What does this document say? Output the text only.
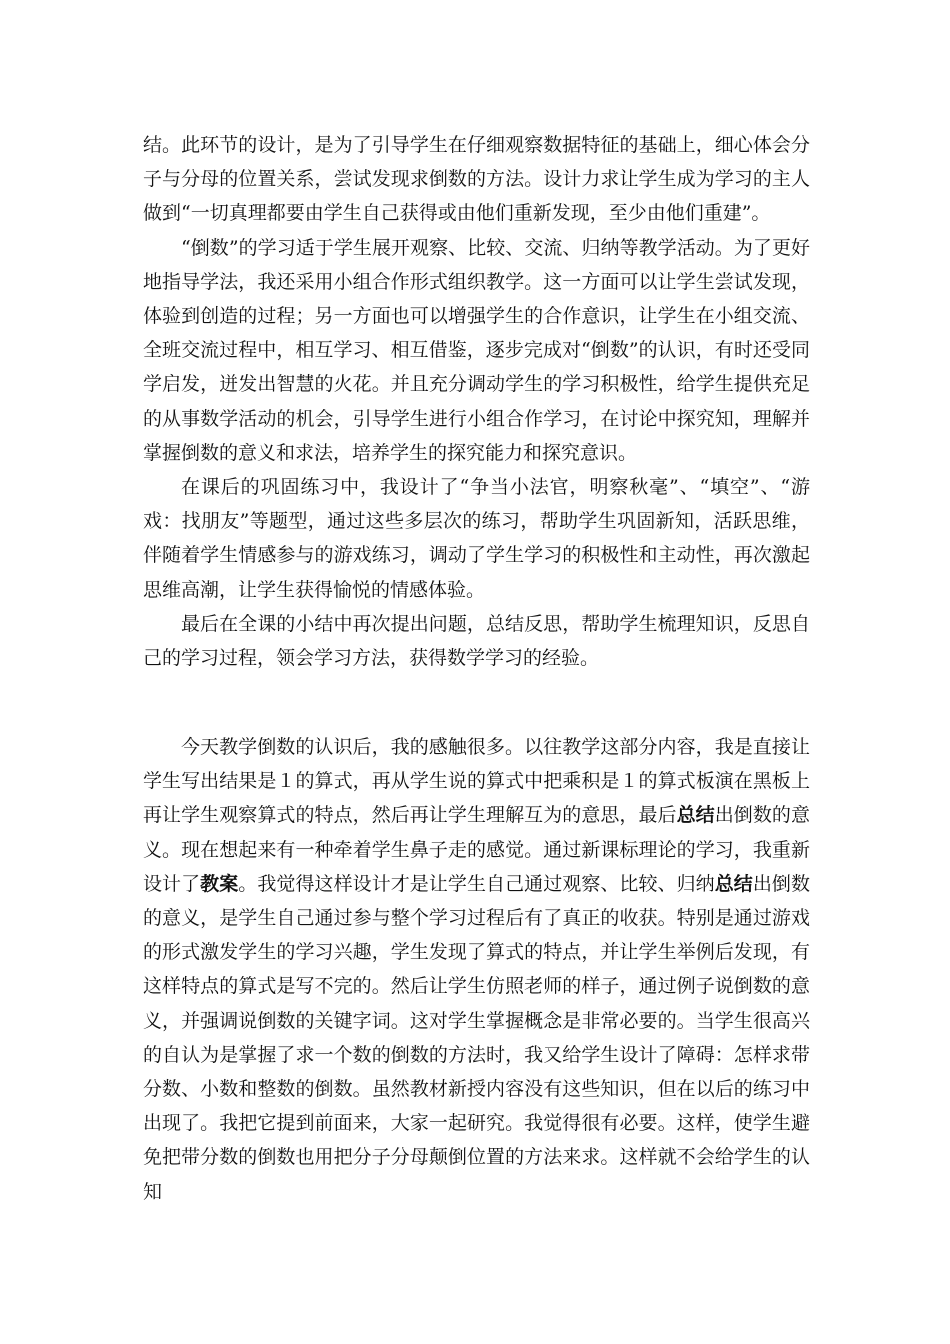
结。此环节的设计，是为了引导学生在仔细观察数据特征的基础上，细心体会分子与分母的位置关系，尝试发现求倒数的方法。设计力求让学生成为学习的主人做到“一切真理都要由学生自己获得或由他们重新发现，至少由他们重建”。

“倒数”的学习适于学生展开观察、比较、交流、归纳等教学活动。为了更好地指导学法，我还采用小组合作形式组织教学。这一方面可以让学生尝试发现，体验到创造的过程；另一方面也可以增强学生的合作意识，让学生在小组交流、全班交流过程中，相互学习、相互借鉴，逐步完成对“倒数”的认识，有时还受同学启发，迸发出智慧的火花。并且充分调动学生的学习积极性，给学生提供充足的从事数学活动的机会，引导学生进行小组合作学习，在讨论中探究知，理解并掌握倒数的意义和求法，培养学生的探究能力和探究意识。

在课后的巩固练习中，我设计了“争当小法官，明察秋毫”、“填空”、“游戏：找朋友”等题型，通过这些多层次的练习，帮助学生巩固新知，活跃思维，伴随着学生情感参与的游戏练习，调动了学生学习的积极性和主动性，再次激起思维高潮，让学生获得愉悦的情感体验。

最后在全课的小结中再次提出问题，总结反思，帮助学生梳理知识，反思自己的学习过程，领会学习方法，获得数学学习的经验。

今天教学倒数的认识后，我的感触很多。以往教学这部分内容，我是直接让学生写出结果是１的算式，再从学生说的算式中把乘积是１的算式板演在黑板上再让学生观察算式的特点，然后再让学生理解互为的意思，最后总结出倒数的意义。现在想起来有一种牵着学生鼻子走的感觉。通过新课标理论的学习，我重新设计了教案。我觉得这样设计才是让学生自己通过观察、比较、归纳总结出倒数的意义，是学生自己通过参与整个学习过程后有了真正的收获。特别是通过游戏的形式激发学生的学习兴趣，学生发现了算式的特点，并让学生举例后发现，有这样特点的算式是写不完的。然后让学生仿照老师的样子，通过例子说倒数的意义，并强调说倒数的关键字词。这对学生掌握概念是非常必要的。当学生很高兴的自认为是掌握了求一个数的倒数的方法时，我又给学生设计了障碍：怎样求带分数、小数和整数的倒数。虽然教材新授内容没有这些知识，但在以后的练习中出现了。我把它提到前面来，大家一起研究。我觉得很有必要。这样，使学生避免把带分数的倒数也用把分子分母颠倒位置的方法来求。这样就不会给学生的认知
